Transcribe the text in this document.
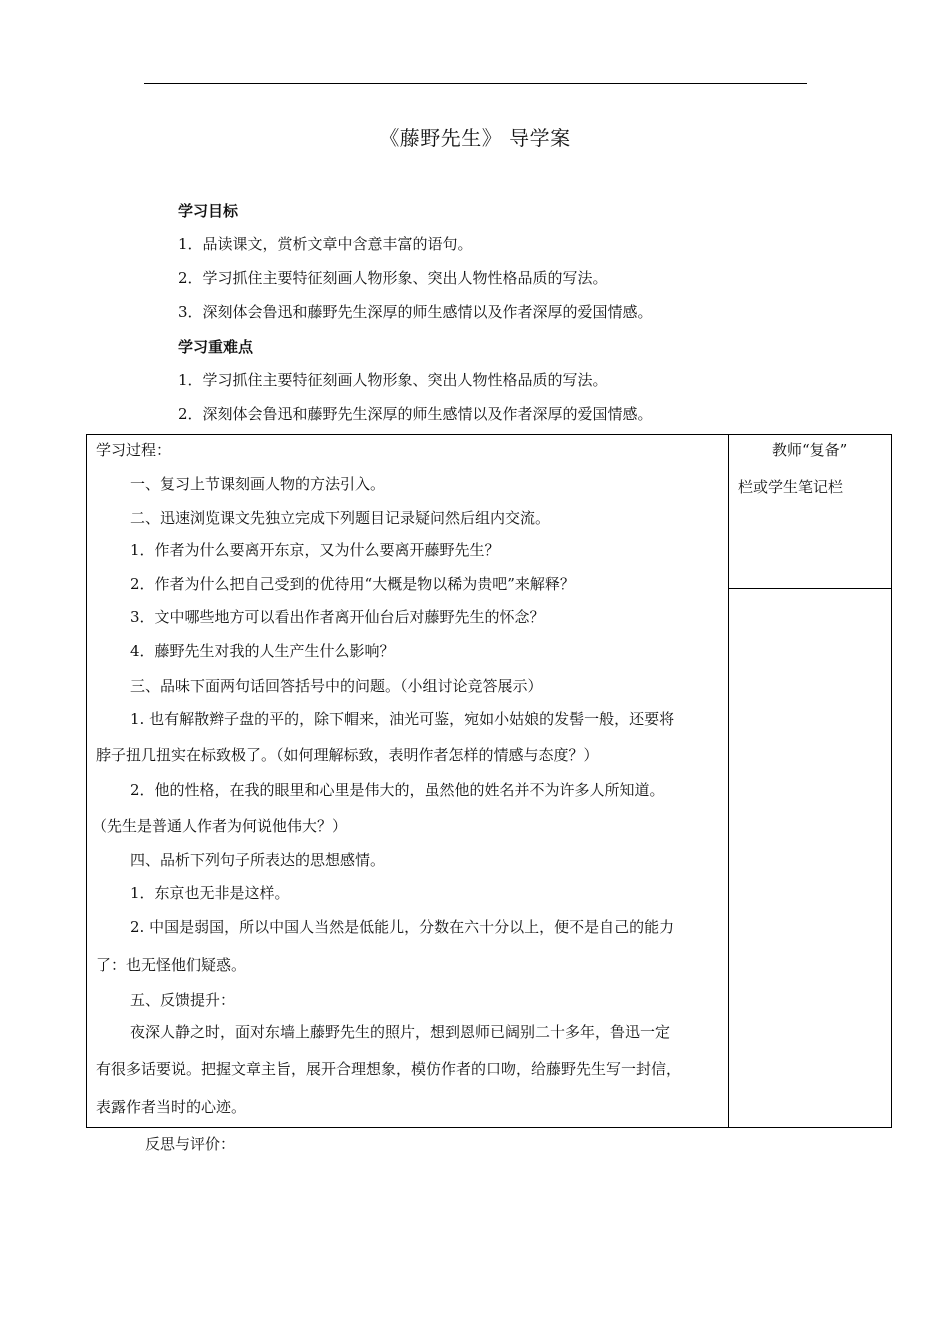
《藤野先生》 导学案
学习目标
1．品读课文，赏析文章中含意丰富的语句。
2．学习抓住主要特征刻画人物形象、突出人物性格品质的写法。
3．深刻体会鲁迅和藤野先生深厚的师生感情以及作者深厚的爱国情感。
学习重难点
1．学习抓住主要特征刻画人物形象、突出人物性格品质的写法。
2．深刻体会鲁迅和藤野先生深厚的师生感情以及作者深厚的爱国情感。
学习过程：
一、复习上节课刻画人物的方法引入。
二、迅速浏览课文先独立完成下列题目记录疑问然后组内交流。
1．作者为什么要离开东京，又为什么要离开藤野先生？
2．作者为什么把自己受到的优待用“大概是物以稀为贵吧”来解释？
3．文中哪些地方可以看出作者离开仙台后对藤野先生的怀念？
4．藤野先生对我的人生产生什么影响？
三、品味下面两句话回答括号中的问题。（小组讨论竞答展示）
1. 也有解散辫子盘的平的，除下帽来，油光可鉴，宛如小姑娘的发髻一般，还要将
脖子扭几扭实在标致极了。（如何理解标致，表明作者怎样的情感与态度？）
2．他的性格，在我的眼里和心里是伟大的，虽然他的姓名并不为许多人所知道。
（先生是普通人作者为何说他伟大？）
四、品析下列句子所表达的思想感情。
1．东京也无非是这样。
2. 中国是弱国，所以中国人当然是低能儿，分数在六十分以上，便不是自己的能力
了：也无怪他们疑惑。
五、反馈提升：
夜深人静之时，面对东墙上藤野先生的照片，想到恩师已阔别二十多年，鲁迅一定
有很多话要说。把握文章主旨，展开合理想象，模仿作者的口吻，给藤野先生写一封信，
表露作者当时的心迹。
教师“复备”
栏或学生笔记栏
反思与评价：
